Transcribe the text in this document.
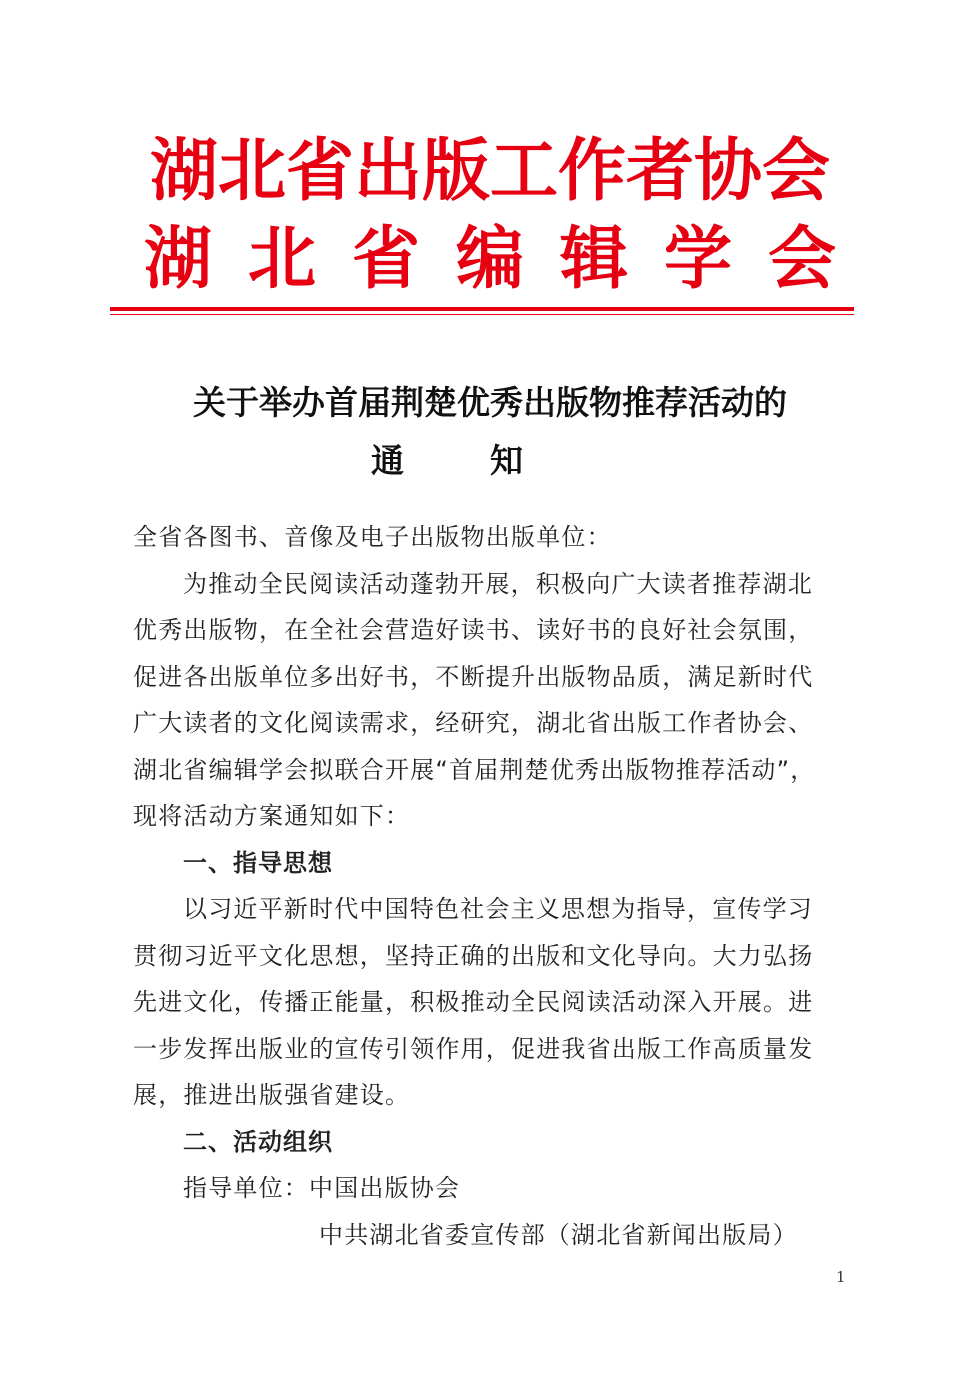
湖北省出版工作者协会
湖北省编辑学会
关于举办首届荆楚优秀出版物推荐活动的
通知
全省各图书、音像及电子出版物出版单位：
为推动全民阅读活动蓬勃开展，积极向广大读者推荐湖北
优秀出版物，在全社会营造好读书、读好书的良好社会氛围，
促进各出版单位多出好书，不断提升出版物品质，满足新时代
广大读者的文化阅读需求，经研究，湖北省出版工作者协会、
湖北省编辑学会拟联合开展“首届荆楚优秀出版物推荐活动”，
现将活动方案通知如下：
一、指导思想
以习近平新时代中国特色社会主义思想为指导，宣传学习
贯彻习近平文化思想，坚持正确的出版和文化导向。大力弘扬
先进文化，传播正能量，积极推动全民阅读活动深入开展。进
一步发挥出版业的宣传引领作用，促进我省出版工作高质量发
展，推进出版强省建设。
二、活动组织
指导单位：中国出版协会
中共湖北省委宣传部（湖北省新闻出版局）
1
